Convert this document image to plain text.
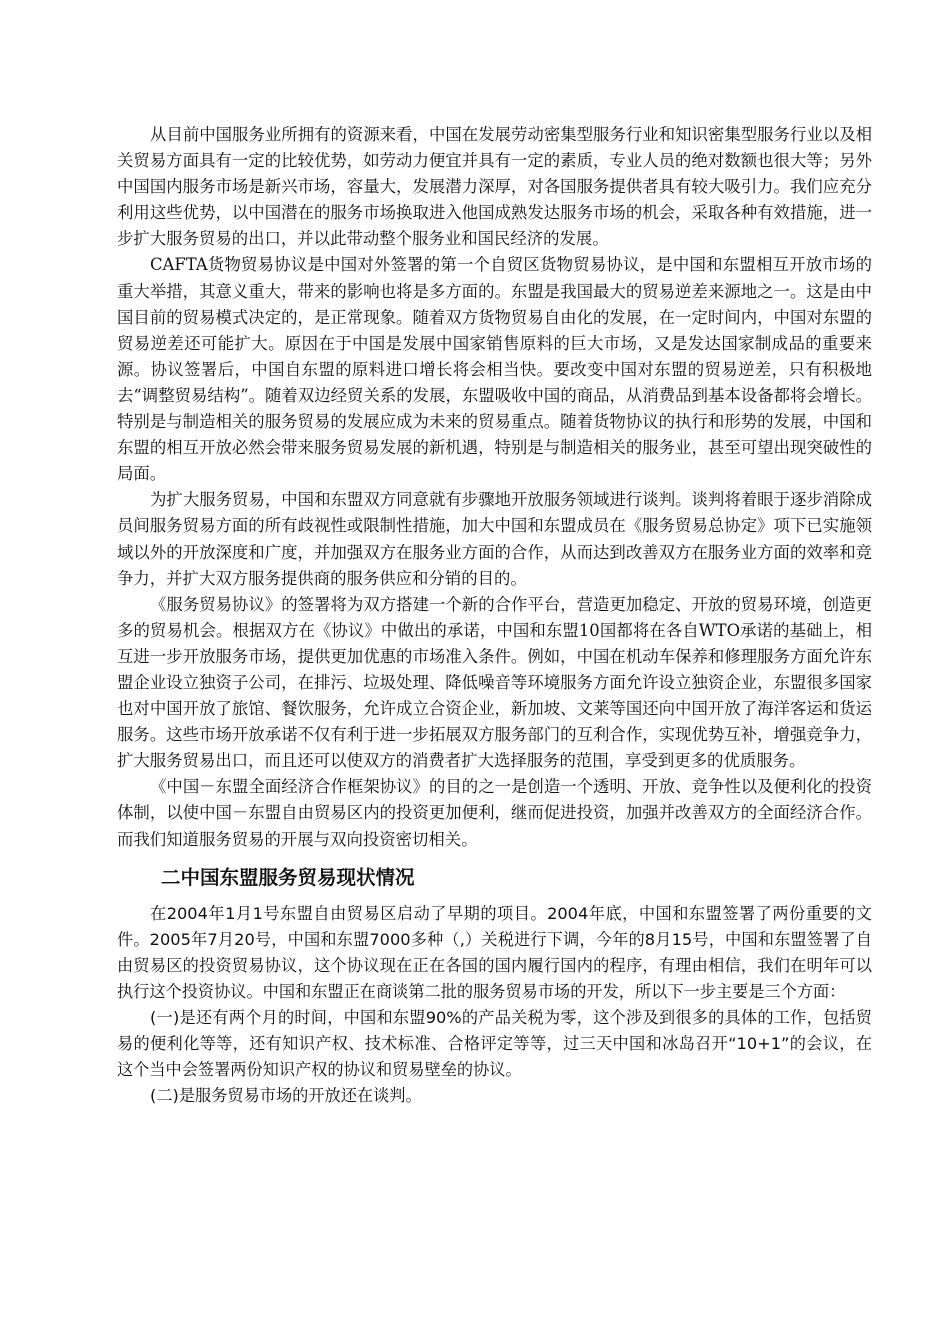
从目前中国服务业所拥有的资源来看，中国在发展劳动密集型服务行业和知识密集型服务行业以及相关贸易方面具有一定的比较优势，如劳动力便宜并具有一定的素质，专业人员的绝对数额也很大等；另外中国国内服务市场是新兴市场，容量大，发展潜力深厚，对各国服务提供者具有较大吸引力。我们应充分利用这些优势，以中国潜在的服务市场换取进入他国成熟发达服务市场的机会，采取各种有效措施，进一步扩大服务贸易的出口，并以此带动整个服务业和国民经济的发展。

CAFTA货物贸易协议是中国对外签署的第一个自贸区货物贸易协议，是中国和东盟相互开放市场的重大举措，其意义重大，带来的影响也将是多方面的。东盟是我国最大的贸易逆差来源地之一。这是由中国目前的贸易模式决定的，是正常现象。随着双方货物贸易自由化的发展，在一定时间内，中国对东盟的贸易逆差还可能扩大。原因在于中国是发展中国家销售原料的巨大市场，又是发达国家制成品的重要来源。协议签署后，中国自东盟的原料进口增长将会相当快。要改变中国对东盟的贸易逆差，只有积极地去“调整贸易结构”。随着双边经贸关系的发展，东盟吸收中国的商品，从消费品到基本设备都将会增长。特别是与制造相关的服务贸易的发展应成为未来的贸易重点。随着货物协议的执行和形势的发展，中国和东盟的相互开放必然会带来服务贸易发展的新机遇，特别是与制造相关的服务业，甚至可望出现突破性的局面。

为扩大服务贸易，中国和东盟双方同意就有步骤地开放服务领域进行谈判。谈判将着眼于逐步消除成员间服务贸易方面的所有歧视性或限制性措施，加大中国和东盟成员在《服务贸易总协定》项下已实施领域以外的开放深度和广度，并加强双方在服务业方面的合作，从而达到改善双方在服务业方面的效率和竞争力，并扩大双方服务提供商的服务供应和分销的目的。

《服务贸易协议》的签署将为双方搭建一个新的合作平台，营造更加稳定、开放的贸易环境，创造更多的贸易机会。根据双方在《协议》中做出的承诺，中国和东盟10国都将在各自WTO承诺的基础上，相互进一步开放服务市场，提供更加优惠的市场准入条件。例如，中国在机动车保养和修理服务方面允许东盟企业设立独资子公司，在排污、垃圾处理、降低噪音等环境服务方面允许设立独资企业，东盟很多国家也对中国开放了旅馆、餐饮服务，允许成立合资企业，新加坡、文莱等国还向中国开放了海洋客运和货运服务。这些市场开放承诺不仅有利于进一步拓展双方服务部门的互利合作，实现优势互补，增强竞争力，扩大服务贸易出口，而且还可以使双方的消费者扩大选择服务的范围，享受到更多的优质服务。

《中国－东盟全面经济合作框架协议》的目的之一是创造一个透明、开放、竞争性以及便利化的投资体制，以使中国－东盟自由贸易区内的投资更加便利，继而促进投资，加强并改善双方的全面经济合作。而我们知道服务贸易的开展与双向投资密切相关。

二中国东盟服务贸易现状情况

在2004年1月1号东盟自由贸易区启动了早期的项目。2004年底，中国和东盟签署了两份重要的文件。2005年7月20号，中国和东盟7000多种（,）关税进行下调，今年的8月15号，中国和东盟签署了自由贸易区的投资贸易协议，这个协议现在正在各国的国内履行国内的程序，有理由相信，我们在明年可以执行这个投资协议。中国和东盟正在商谈第二批的服务贸易市场的开发，所以下一步主要是三个方面：

(一)是还有两个月的时间，中国和东盟90%的产品关税为零，这个涉及到很多的具体的工作，包括贸易的便利化等等，还有知识产权、技术标准、合格评定等等，过三天中国和冰岛召开“10+1”的会议，在这个当中会签署两份知识产权的协议和贸易壁垒的协议。

(二)是服务贸易市场的开放还在谈判。
